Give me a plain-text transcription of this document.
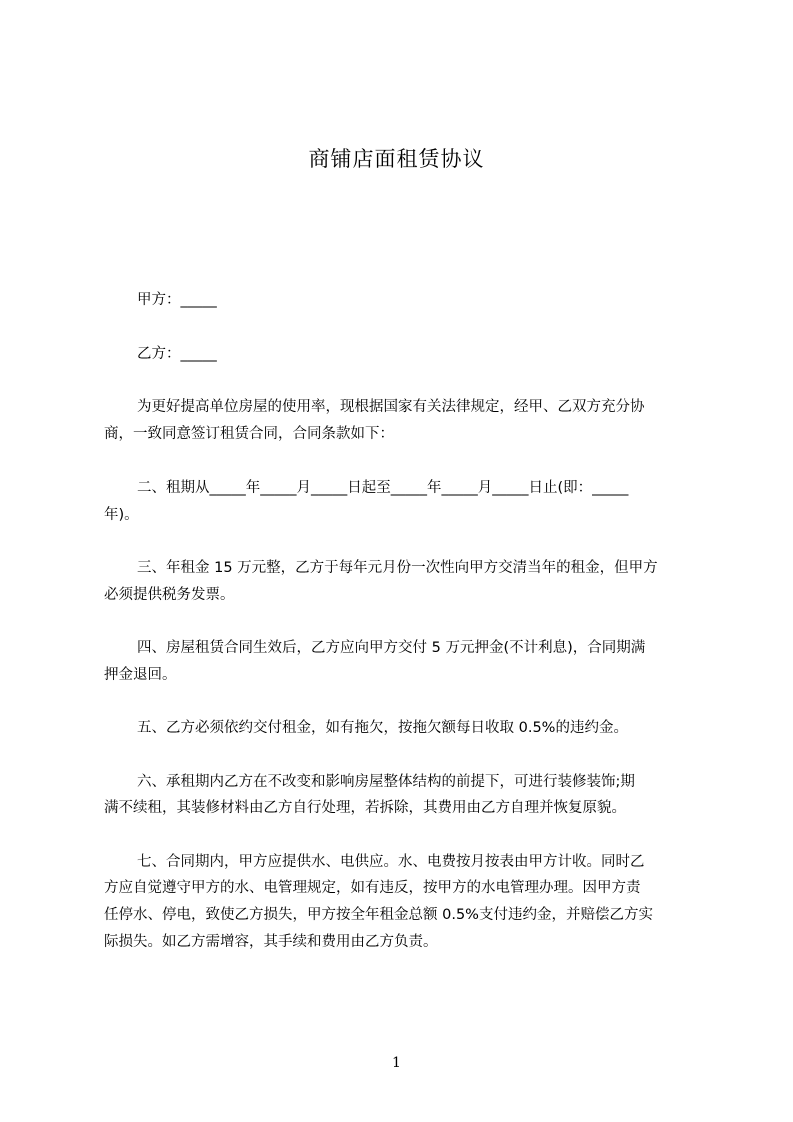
商铺店面租赁协议
甲方：_____
乙方：_____
为更好提高单位房屋的使用率，现根据国家有关法律规定，经甲、乙双方充分协
商，一致同意签订租赁合同，合同条款如下：
二、租期从_____年_____月_____日起至_____年_____月_____日止(即：_____
年)。
三、年租金 15 万元整，乙方于每年元月份一次性向甲方交清当年的租金，但甲方
必须提供税务发票。
四、房屋租赁合同生效后，乙方应向甲方交付 5 万元押金(不计利息)，合同期满
押金退回。
五、乙方必须依约交付租金，如有拖欠，按拖欠额每日收取 0.5%的违约金。
六、承租期内乙方在不改变和影响房屋整体结构的前提下，可进行装修装饰;期
满不续租，其装修材料由乙方自行处理，若拆除，其费用由乙方自理并恢复原貌。
七、合同期内，甲方应提供水、电供应。水、电费按月按表由甲方计收。同时乙
方应自觉遵守甲方的水、电管理规定，如有违反，按甲方的水电管理办理。因甲方责
任停水、停电，致使乙方损失，甲方按全年租金总额 0.5%支付违约金，并赔偿乙方实
际损失。如乙方需增容，其手续和费用由乙方负责。
1
